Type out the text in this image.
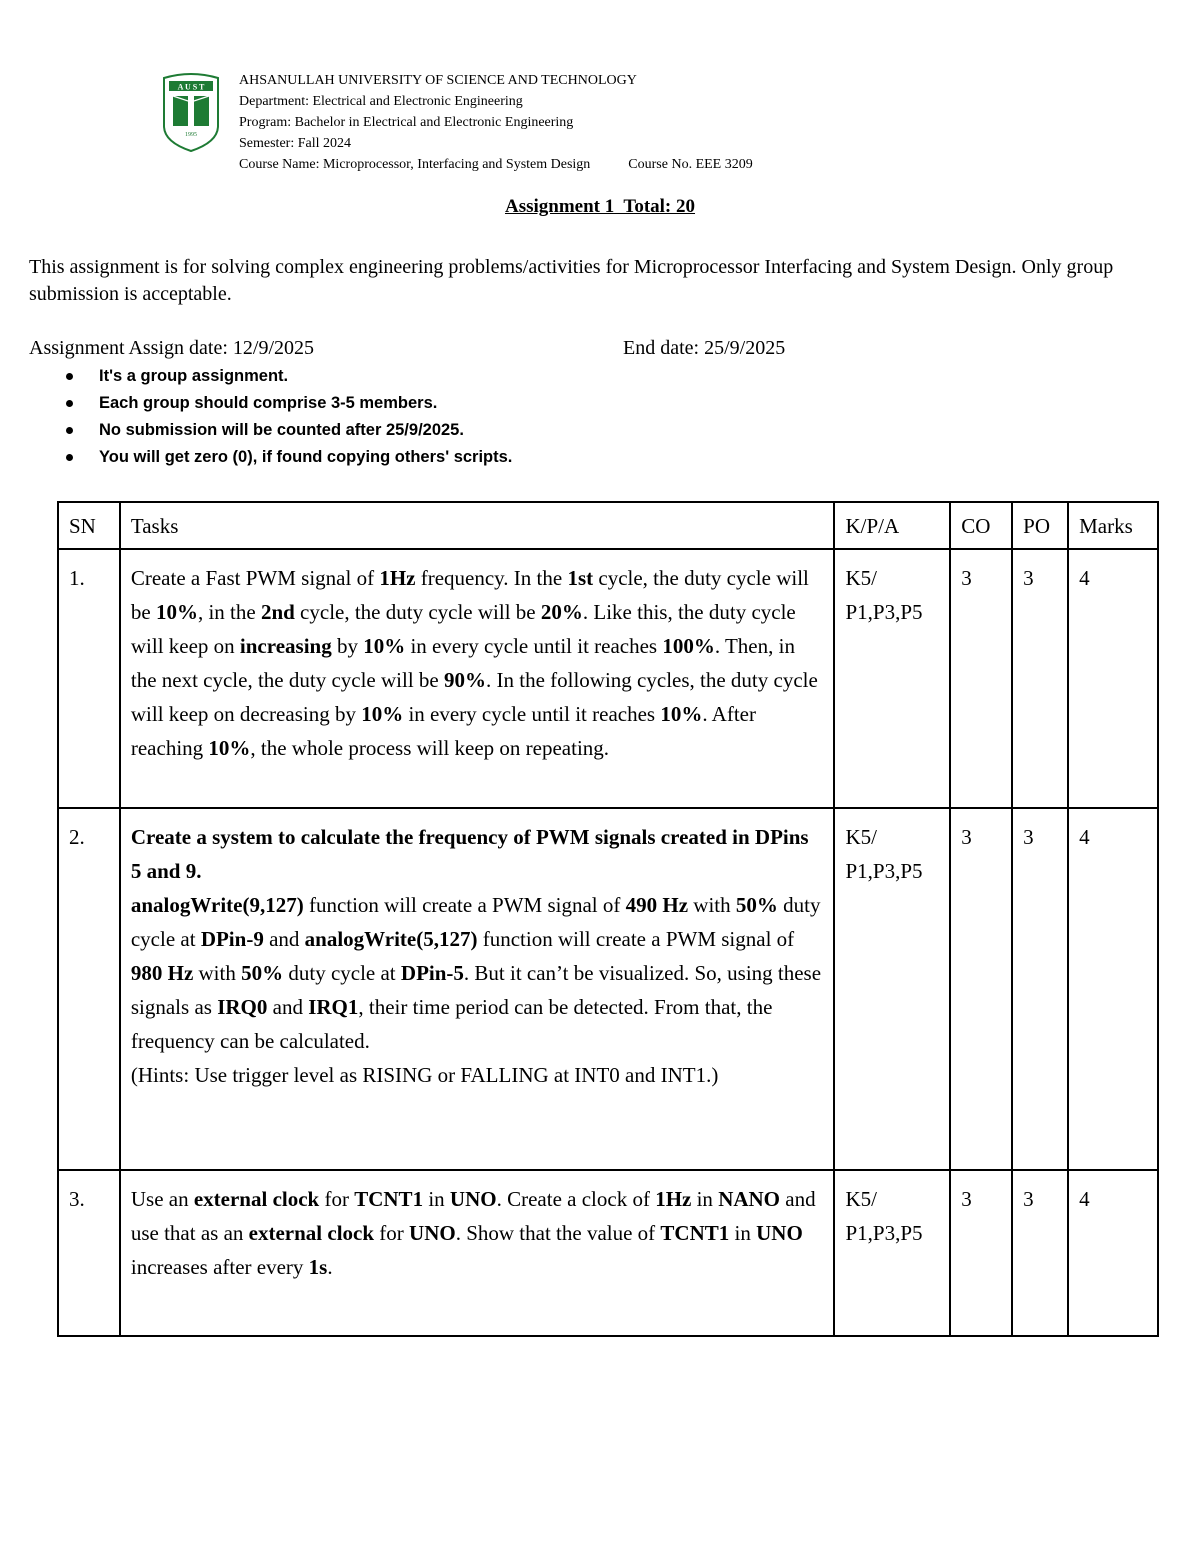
A U S T
1995
AHSANULLAH UNIVERSITY OF SCIENCE AND TECHNOLOGY
Department: Electrical and Electronic Engineering
Program: Bachelor in Electrical and Electronic Engineering
Semester: Fall 2024
Course Name: Microprocessor, Interfacing and System Design	Course No. EEE 3209
Assignment 1  Total: 20
This assignment is for solving complex engineering problems/activities for Microprocessor Interfacing and System Design. Only group submission is acceptable.
Assignment Assign date: 12/9/2025	End date: 25/9/2025
It's a group assignment.
Each group should comprise 3-5 members.
No submission will be counted after 25/9/2025.
You will get zero (0), if found copying others' scripts.
SN	Tasks	K/P/A	CO	PO	Marks
1.	Create a Fast PWM signal of 1Hz frequency. In the 1st cycle, the duty cycle will be 10%, in the 2nd cycle, the duty cycle will be 20%. Like this, the duty cycle will keep on increasing by 10% in every cycle until it reaches 100%. Then, in the next cycle, the duty cycle will be 90%. In the following cycles, the duty cycle will keep on decreasing by 10% in every cycle until it reaches 10%. After reaching 10%, the whole process will keep on repeating.	K5/
P1,P3,P5	3	3	4
2.	Create a system to calculate the frequency of PWM signals created in DPins 5 and 9.
analogWrite(9,127) function will create a PWM signal of 490 Hz with 50% duty cycle at DPin-9 and analogWrite(5,127) function will create a PWM signal of 980 Hz with 50% duty cycle at DPin-5. But it can’t be visualized. So, using these signals as IRQ0 and IRQ1, their time period can be detected. From that, the frequency can be calculated.
(Hints: Use trigger level as RISING or FALLING at INT0 and INT1.)	K5/
P1,P3,P5	3	3	4
3.	Use an external clock for TCNT1 in UNO. Create a clock of 1Hz in NANO and use that as an external clock for UNO. Show that the value of TCNT1 in UNO increases after every 1s.	K5/
P1,P3,P5	3	3	4
